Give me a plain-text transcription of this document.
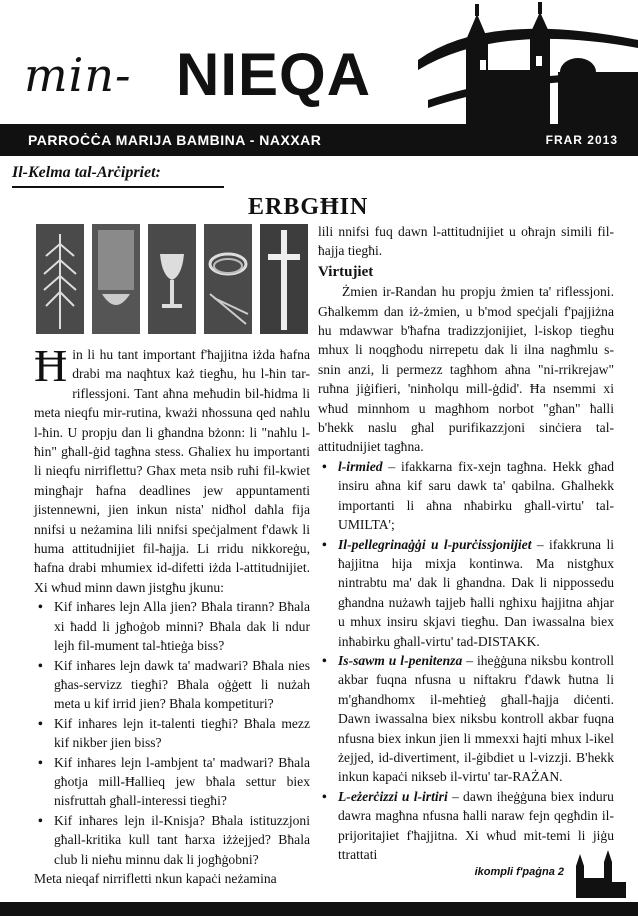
min- NIEQA
PARROĊĊA MARIJA BAMBINA - NAXXAR	FRAR 2013
Il-Kelma tal-Arċipriet:
ERBGĦIN

Ħin li hu tant important f'ħajjitna iżda ħafna drabi ma naqħtux każ tiegħu, hu l-ħin tar- riflessjoni. Tant aħna meħudin bil-ħidma li meta nieqfu mir-rutina, kważi nħossuna qed naħlu l-ħin. U propju dan li għandna bżonn: li "naħlu l-ħin" għall-ġid tagħna stess. Għaliex hu importanti li nieqfu nirriflettu? Għax meta nsib ruħi fil-kwiet mingħajr ħafna deadlines jew appuntamenti jistennewni, jien inkun nista' nidħol daħla fija nnifsi u neżamina lili nnifsi speċjalment f'dawk li huma attitudnijiet fil-ħajja. Li rridu nikkoreġu, ħafna drabi mhumiex id-difetti iżda l-attitudnijiet. Xi wħud minn dawn jistgħu jkunu:

• Kif inħares lejn Alla jien? Bħala tirann? Bħala xi ħadd li jgħoġob minni? Bħala dak li ndur lejh fil-mument tal-ħtieġa biss?
• Kif inħares lejn dawk ta' madwari? Bħala nies għas-servizz tiegħi? Bħala oġġett li nużah meta u kif irrid jien? Bħala kompetituri?
• Kif inħares lejn it-talenti tiegħi? Bħala mezz kif nikber jien biss?
• Kif inħares lejn l-ambjent ta' madwari? Bħala għotja mill-Ħallieq jew bħala settur biex nisfruttah għall-interessi tiegħi?
• Kif inħares lejn il-Knisja? Bħala istituzzjoni għall-kritika kull tant ħarxa iżżejjed? Bħala club li nieħu minnu dak li jogħġobni?

Meta nieqaf nirrifletti nkun kapaċi neżamina

lili nnifsi fuq dawn l-attitudnijiet u oħrajn simili fil-ħajja tiegħi.

Virtujiet

Żmien ir-Randan hu propju żmien ta' riflessjoni. Għalkemm dan iż-żmien, u b'mod speċjali f'pajjiżna hu mdawwar b'ħafna tradizzjonijiet, l-iskop tiegħu mhux li noqgħodu nirrepetu dak li ilna nagħmlu s-snin anzi, li permezz tagħhom aħna "ni-rrikrejaw" ruħna jiġifieri, 'ninħolqu mill-ġdid'. Ħa nsemmi xi wħud minnhom u magħhom norbot "għan" ħalli b'hekk naslu għal purifikazzjoni sinċiera tal-attitudnijiet tagħna.

• l-irmied – ifakkarna fix-xejn tagħna. Hekk għad insiru aħna kif saru dawk ta' qabilna. Għalhekk importanti li aħna nħabirku għall-virtu' tal-UMILTA';
• Il-pellegrinaġġi u l-purċissjonijiet – ifakkruna li ħajjitna hija mixja kontinwa. Ma nistgħux nintrabtu ma' dak li għandna. Dak li nippossedu għandna nużawh tajjeb ħalli ngħixu ħajjitna aħjar u mhux insiru skjavi tiegħu. Dan iwassalna biex inħabirku għall-virtu' tad-DISTAKK.
• Is-sawm u l-penitenza – iheġġuna niksbu kontroll akbar fuqna nfusna u niftakru f'dawk ħutna li m'għandhomx il-meħtieġ għall-ħajja diċenti. Dawn iwassalna biex niksbu kontroll akbar fuqna nfusna biex inkun jien li mmexxi ħajti mhux l-ikel żejjed, id-divertiment, il-ġibdiet u l-vizzji. B'hekk inkun kapaċi nikseb il-virtu' tar-RAŻAN.
• L-eżerċizzi u l-irtiri – dawn iheġġuna biex induru dawra magħna nfusna ħalli naraw fejn qegħdin il-prijoritajiet f'ħajjitna. Xi wħud mit-temi li jiġu ttrattati
ikompli f'paġna 2
